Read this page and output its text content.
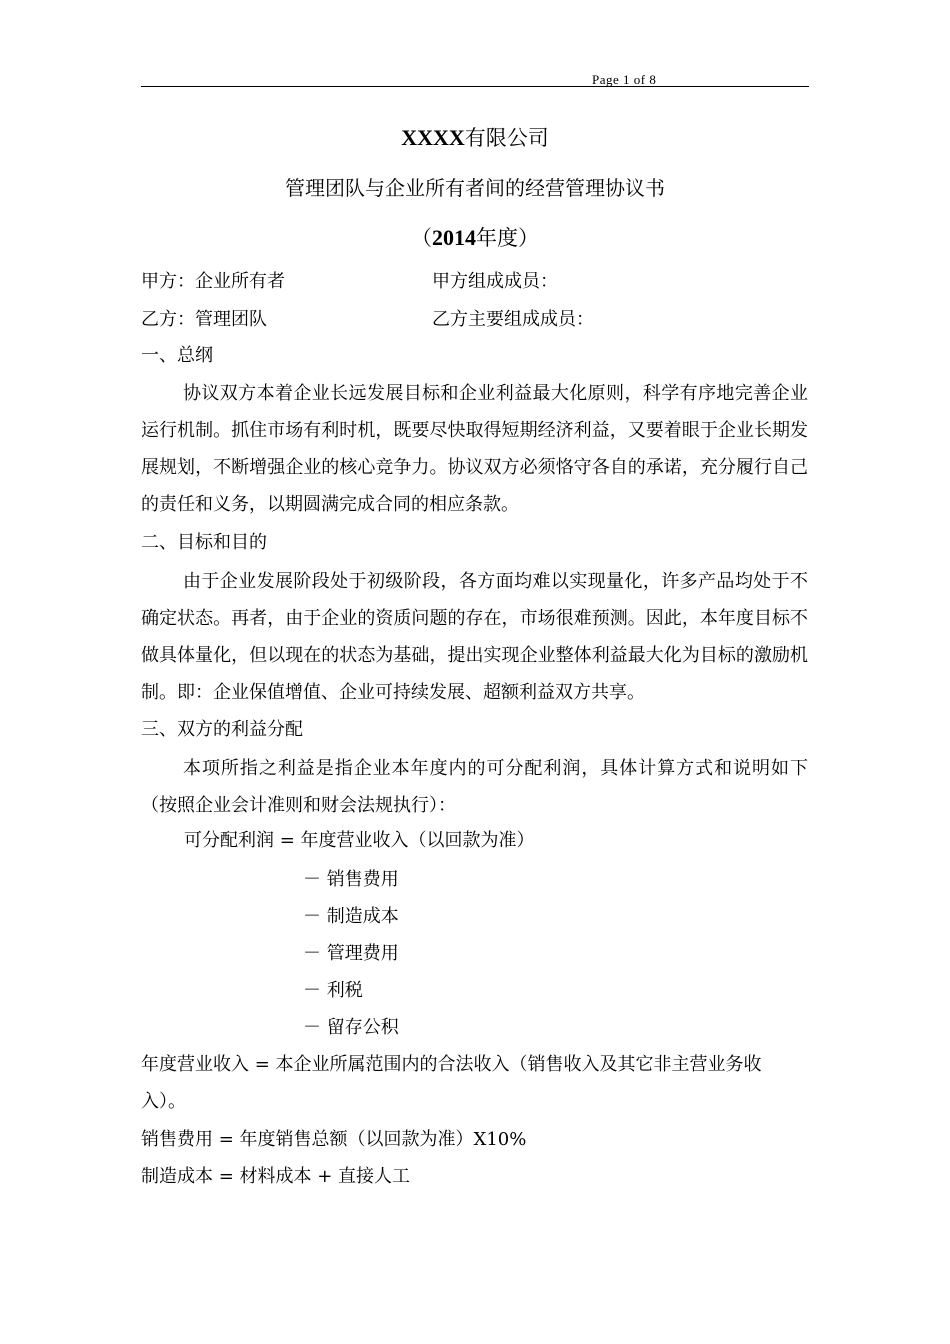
Page 1 of 8
XXXX有限公司
管理团队与企业所有者间的经营管理协议书
（2014年度）
甲方：企业所有者	甲方组成成员：
乙方：管理团队	乙方主要组成成员：
一、总纲
协议双方本着企业长远发展目标和企业利益最大化原则，科学有序地完善企业运行机制。抓住市场有利时机，既要尽快取得短期经济利益，又要着眼于企业长期发展规划，不断增强企业的核心竞争力。协议双方必须恪守各自的承诺，充分履行自己的责任和义务，以期圆满完成合同的相应条款。
二、目标和目的
由于企业发展阶段处于初级阶段，各方面均难以实现量化，许多产品均处于不确定状态。再者，由于企业的资质问题的存在，市场很难预测。因此，本年度目标不做具体量化，但以现在的状态为基础，提出实现企业整体利益最大化为目标的激励机制。即：企业保值增值、企业可持续发展、超额利益双方共享。
三、双方的利益分配
本项所指之利益是指企业本年度内的可分配利润，具体计算方式和说明如下（按照企业会计准则和财会法规执行）：
可分配利润 = 年度营业收入（以回款为准）
－ 销售费用
－ 制造成本
－ 管理费用
－ 利税
－ 留存公积
年度营业收入 = 本企业所属范围内的合法收入（销售收入及其它非主营业务收
入）。
销售费用 = 年度销售总额（以回款为准）X10%
制造成本 = 材料成本 + 直接人工
